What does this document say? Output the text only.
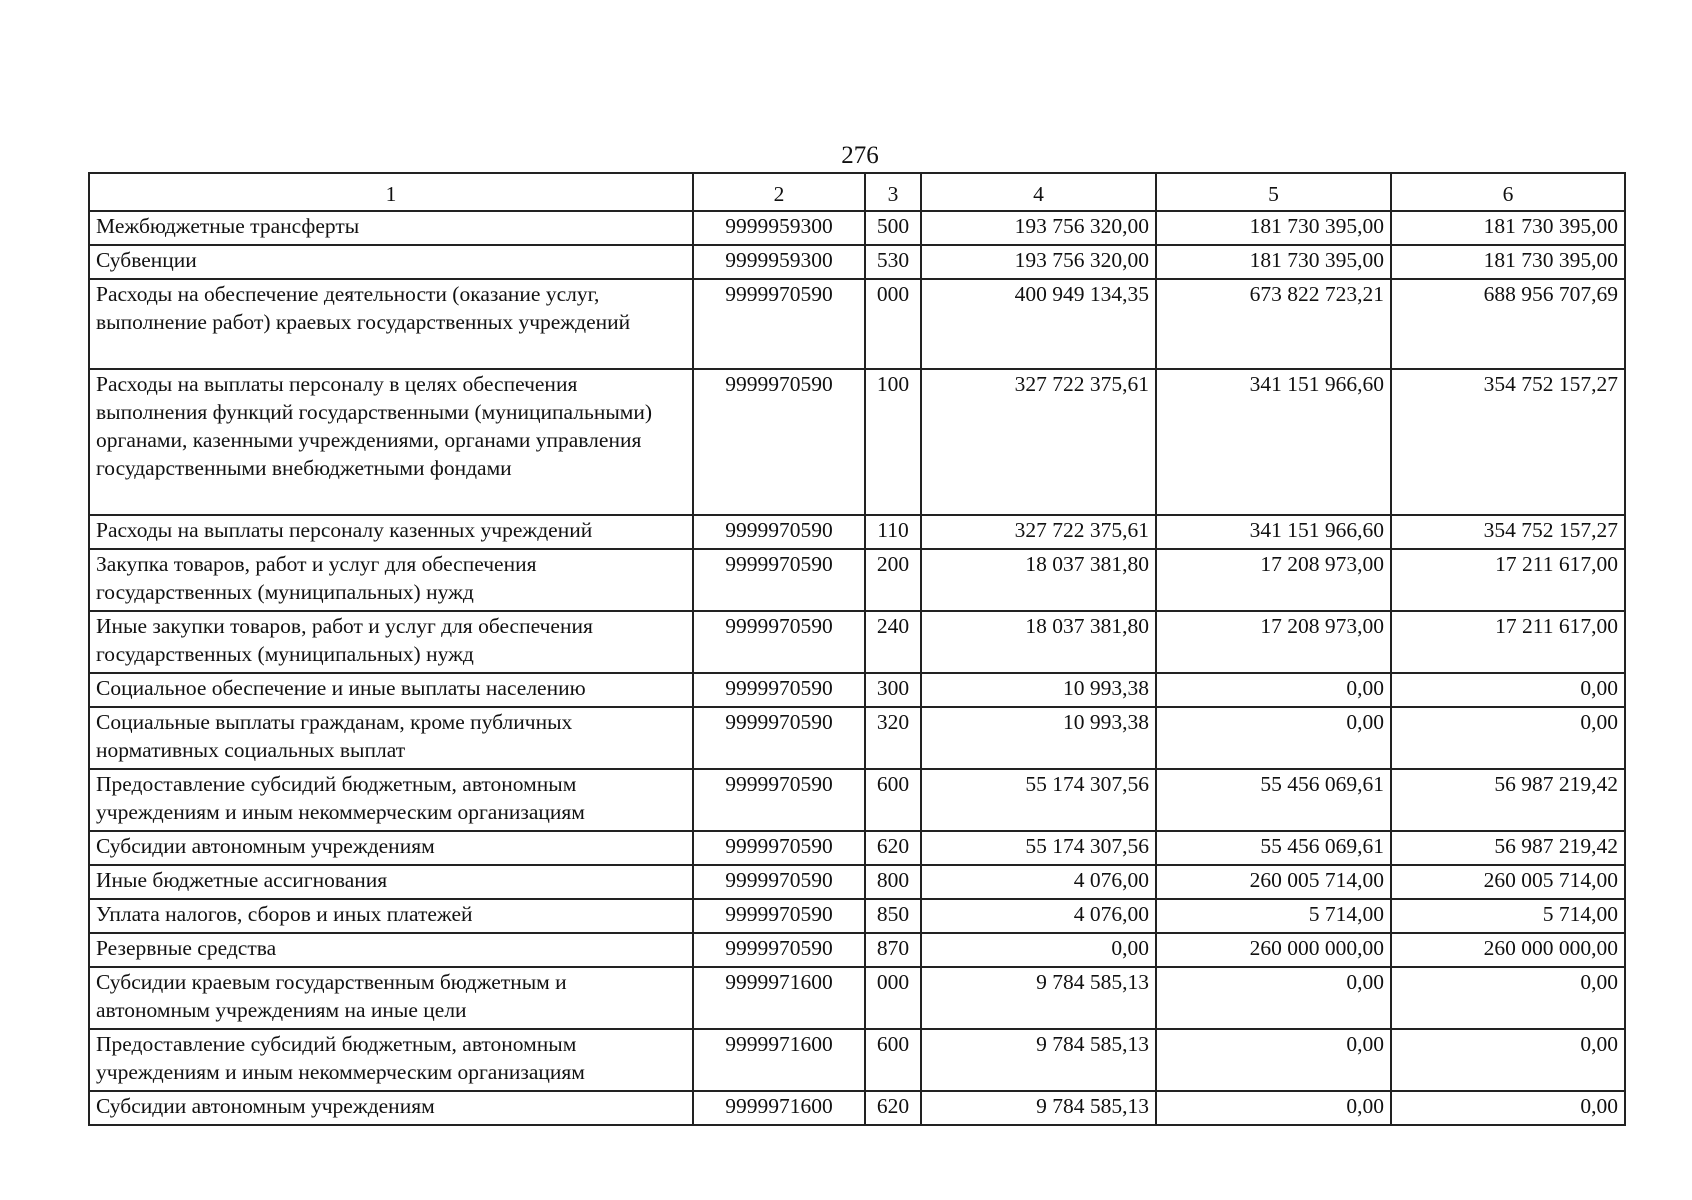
276
1	2	3	4	5	6
Межбюджетные трансферты	9999959300	500	193 756 320,00	181 730 395,00	181 730 395,00
Субвенции	9999959300	530	193 756 320,00	181 730 395,00	181 730 395,00
Расходы на обеспечение деятельности (оказание услуг, выполнение работ) краевых государственных учреждений	9999970590	000	400 949 134,35	673 822 723,21	688 956 707,69
Расходы на выплаты персоналу в целях обеспечения выполнения функций государственными (муниципальными) органами, казенными учреждениями, органами управления государственными внебюджетными фондами	9999970590	100	327 722 375,61	341 151 966,60	354 752 157,27
Расходы на выплаты персоналу казенных учреждений	9999970590	110	327 722 375,61	341 151 966,60	354 752 157,27
Закупка товаров, работ и услуг для обеспечения государственных (муниципальных) нужд	9999970590	200	18 037 381,80	17 208 973,00	17 211 617,00
Иные закупки товаров, работ и услуг для обеспечения государственных (муниципальных) нужд	9999970590	240	18 037 381,80	17 208 973,00	17 211 617,00
Социальное обеспечение и иные выплаты населению	9999970590	300	10 993,38	0,00	0,00
Социальные выплаты гражданам, кроме публичных нормативных социальных выплат	9999970590	320	10 993,38	0,00	0,00
Предоставление субсидий бюджетным, автономным учреждениям и иным некоммерческим организациям	9999970590	600	55 174 307,56	55 456 069,61	56 987 219,42
Субсидии автономным учреждениям	9999970590	620	55 174 307,56	55 456 069,61	56 987 219,42
Иные бюджетные ассигнования	9999970590	800	4 076,00	260 005 714,00	260 005 714,00
Уплата налогов, сборов и иных платежей	9999970590	850	4 076,00	5 714,00	5 714,00
Резервные средства	9999970590	870	0,00	260 000 000,00	260 000 000,00
Субсидии краевым государственным бюджетным и автономным учреждениям на иные цели	9999971600	000	9 784 585,13	0,00	0,00
Предоставление субсидий бюджетным, автономным учреждениям и иным некоммерческим организациям	9999971600	600	9 784 585,13	0,00	0,00
Субсидии автономным учреждениям	9999971600	620	9 784 585,13	0,00	0,00
